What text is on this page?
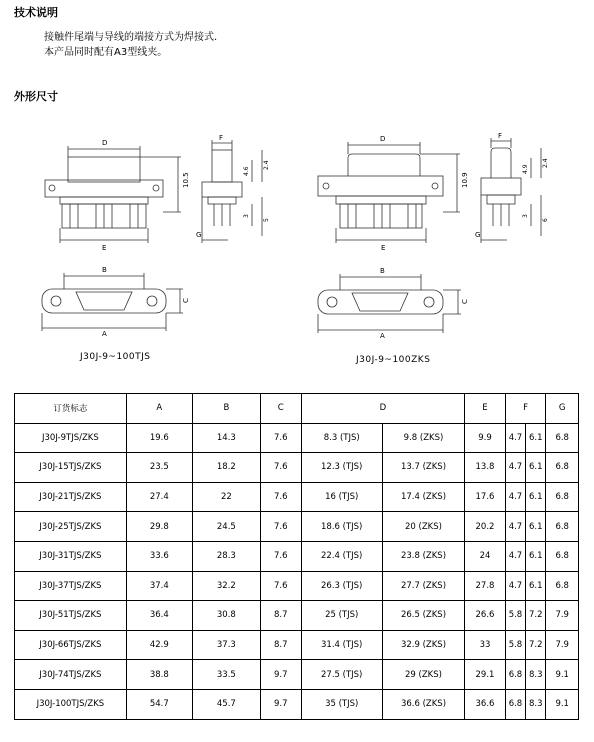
技术说明
接触件尾端与导线的端接方式为焊接式.
本产品同时配有A3型线夹。
外形尺寸
D
E
10.5
F
G
4.6
2.4
3
5
B
A
C
D
E
10.9
F
G
4.9
2.4
3
6
B
A
C
J30J-9~100TJS	J30J-9~100ZKS
订货标志	A	B	C	D		E	F		G
J30J-9TJS/ZKS	19.6	14.3	7.6	8.3 (TJS)	9.8 (ZKS)	9.9	4.7	6.1	6.8
J30J-15TJS/ZKS	23.5	18.2	7.6	12.3 (TJS)	13.7 (ZKS)	13.8	4.7	6.1	6.8
J30J-21TJS/ZKS	27.4	22	7.6	16 (TJS)	17.4 (ZKS)	17.6	4.7	6.1	6.8
J30J-25TJS/ZKS	29.8	24.5	7.6	18.6 (TJS)	20 (ZKS)	20.2	4.7	6.1	6.8
J30J-31TJS/ZKS	33.6	28.3	7.6	22.4 (TJS)	23.8 (ZKS)	24	4.7	6.1	6.8
J30J-37TJS/ZKS	37.4	32.2	7.6	26.3 (TJS)	27.7 (ZKS)	27.8	4.7	6.1	6.8
J30J-51TJS/ZKS	36.4	30.8	8.7	25 (TJS)	26.5 (ZKS)	26.6	5.8	7.2	7.9
J30J-66TJS/ZKS	42.9	37.3	8.7	31.4 (TJS)	32.9 (ZKS)	33	5.8	7.2	7.9
J30J-74TJS/ZKS	38.8	33.5	9.7	27.5 (TJS)	29 (ZKS)	29.1	6.8	8.3	9.1
J30J-100TJS/ZKS	54.7	45.7	9.7	35 (TJS)	36.6 (ZKS)	36.6	6.8	8.3	9.1
